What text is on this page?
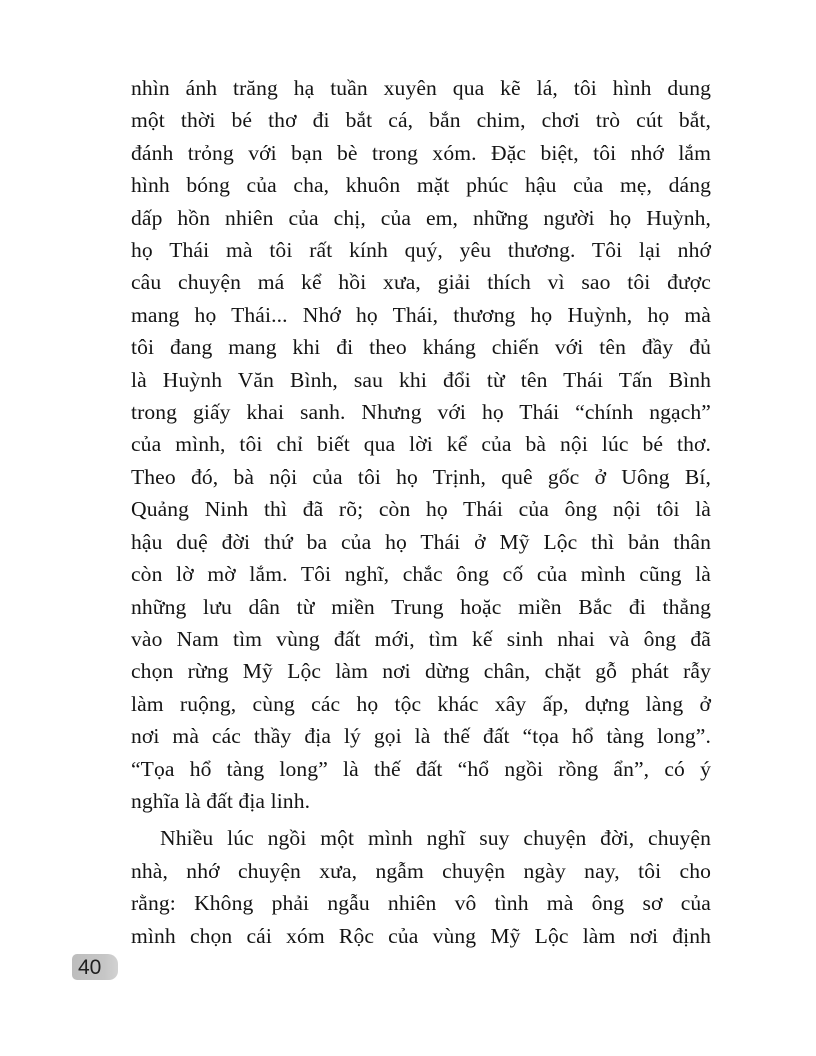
nhìn ánh trăng hạ tuần xuyên qua kẽ lá, tôi hình dung
một thời bé thơ đi bắt cá, bắn chim, chơi trò cút bắt,
đánh trỏng với bạn bè trong xóm. Đặc biệt, tôi nhớ lắm
hình bóng của cha, khuôn mặt phúc hậu của mẹ, dáng
dấp hồn nhiên của chị, của em, những người họ Huỳnh,
họ Thái mà tôi rất kính quý, yêu thương. Tôi lại nhớ
câu chuyện má kể hồi xưa, giải thích vì sao tôi được
mang họ Thái... Nhớ họ Thái, thương họ Huỳnh, họ mà
tôi đang mang khi đi theo kháng chiến với tên đầy đủ
là Huỳnh Văn Bình, sau khi đổi từ tên Thái Tấn Bình
trong giấy khai sanh. Nhưng với họ Thái “chính ngạch”
của mình, tôi chỉ biết qua lời kể của bà nội lúc bé thơ.
Theo đó, bà nội của tôi họ Trịnh, quê gốc ở Uông Bí,
Quảng Ninh thì đã rõ; còn họ Thái của ông nội tôi là
hậu duệ đời thứ ba của họ Thái ở Mỹ Lộc thì bản thân
còn lờ mờ lắm. Tôi nghĩ, chắc ông cố của mình cũng là
những lưu dân từ miền Trung hoặc miền Bắc đi thẳng
vào Nam tìm vùng đất mới, tìm kế sinh nhai và ông đã
chọn rừng Mỹ Lộc làm nơi dừng chân, chặt gỗ phát rẫy
làm ruộng, cùng các họ tộc khác xây ấp, dựng làng ở
nơi mà các thầy địa lý gọi là thế đất “tọa hổ tàng long”.
“Tọa hổ tàng long” là thế đất “hổ ngồi rồng ẩn”, có ý
nghĩa là đất địa linh.
Nhiều lúc ngồi một mình nghĩ suy chuyện đời, chuyện
nhà, nhớ chuyện xưa, ngẫm chuyện ngày nay, tôi cho
rằng: Không phải ngẫu nhiên vô tình mà ông sơ của
mình chọn cái xóm Rộc của vùng Mỹ Lộc làm nơi định
40
